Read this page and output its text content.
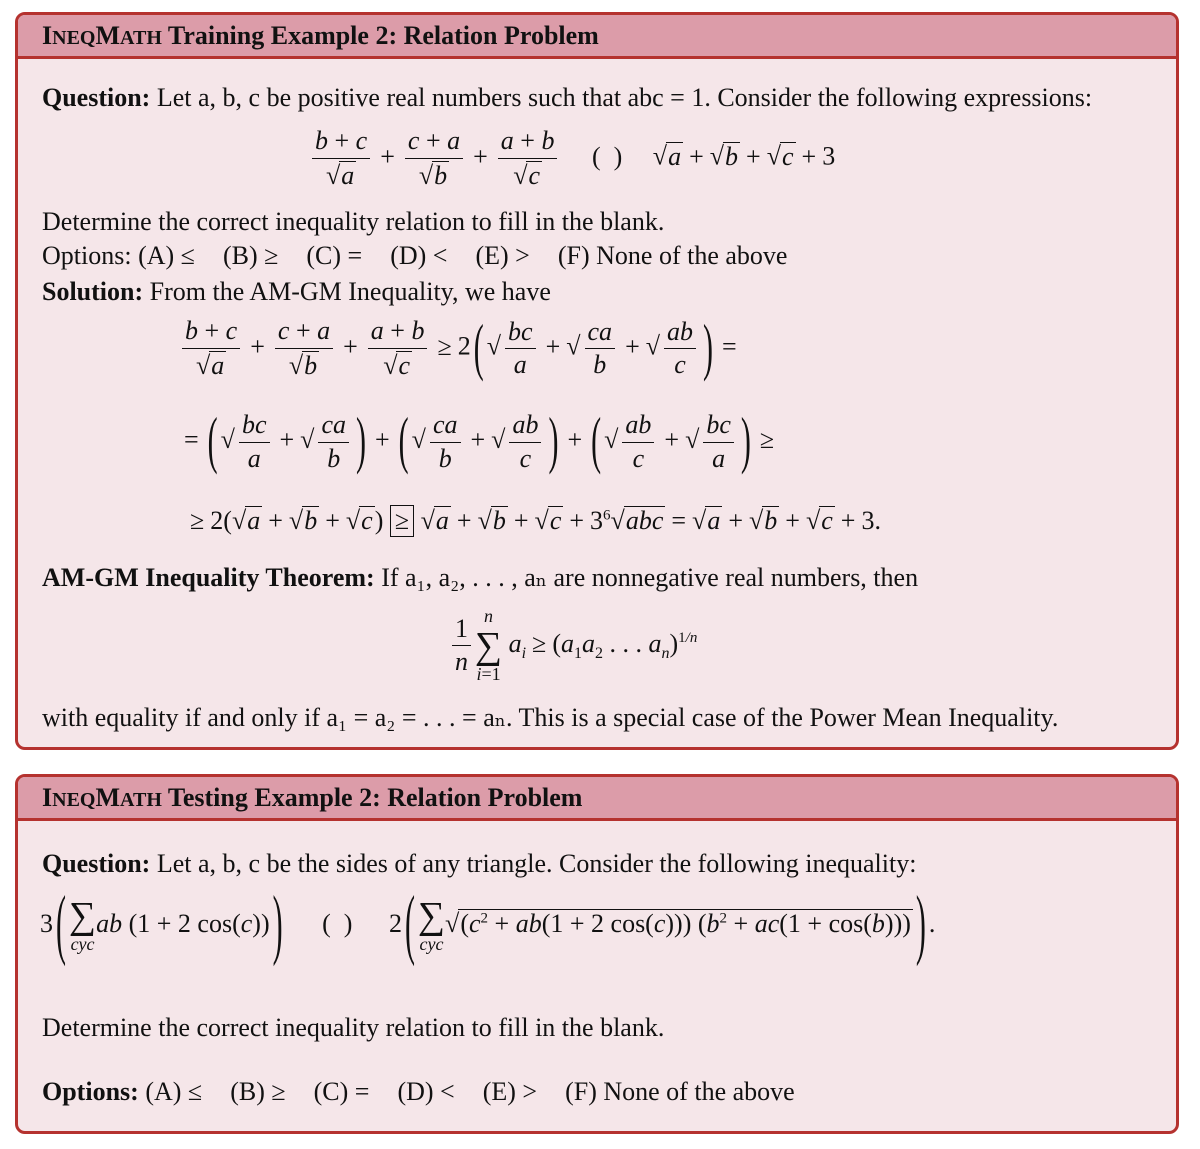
INEQMATH Training Example 2: Relation Problem
Question: Let a, b, c be positive real numbers such that abc = 1. Consider the following expressions:
$\frac{b + c}{√a} + \frac{c + a}{√b} + \frac{a + b}{√c}$ (  ) √a + √b + √c + 3
Determine the correct inequality relation to fill in the blank.
Options: (A) ≤ (B) ≥ (C) = (D) < (E) > (F) None of the above
Solution: From the AM-GM Inequality, we have
$\frac{b + c}{√a} + \frac{c + a}{√b} + \frac{a + b}{√c} \ge 2$ ( √ $\frac{bc}{a}$ + √ $\frac{ca}{b}$ + √ $\frac{ab}{c}$ ) =
= ( √ $\frac{bc}{a}$ + √ $\frac{ca}{b}$ ) + ( √ $\frac{ca}{b}$ + √ $\frac{ab}{c}$ ) + ( √ $\frac{ab}{c}$ + √ $\frac{bc}{a}$ ) ≥
≥ $2(√a + √b + √c) \ge √a + √b + √c + 3^6√abc = √a + √b + √c + 3$.
AM-GM Inequality Theorem: If a₁, a₂, . . . , aₙ are nonnegative real numbers, then
$\frac{1}{n}$ n
∑
i=1
$a_i \ge (a_1a_2$ . . . $a_n)^{1/n}$
with equality if and only if a₁ = a₂ = . . . = aₙ. This is a special case of the Power Mean Inequality.
INEQMATH Testing Example 2: Relation Problem
Question: Let a, b, c be the sides of any triangle. Consider the following inequality:
3 ( ∑
cyc
ab (1 + 2 cos(c)) ) (  ) 2 ( ∑
cyc
$√(c^2 + ab(1 + 2$ cos(c))) $(b^2 + ac(1 + \cos(b)))$ ) .
Determine the correct inequality relation to fill in the blank.
Options: (A) ≤ (B) ≥ (C) = (D) < (E) > (F) None of the above
